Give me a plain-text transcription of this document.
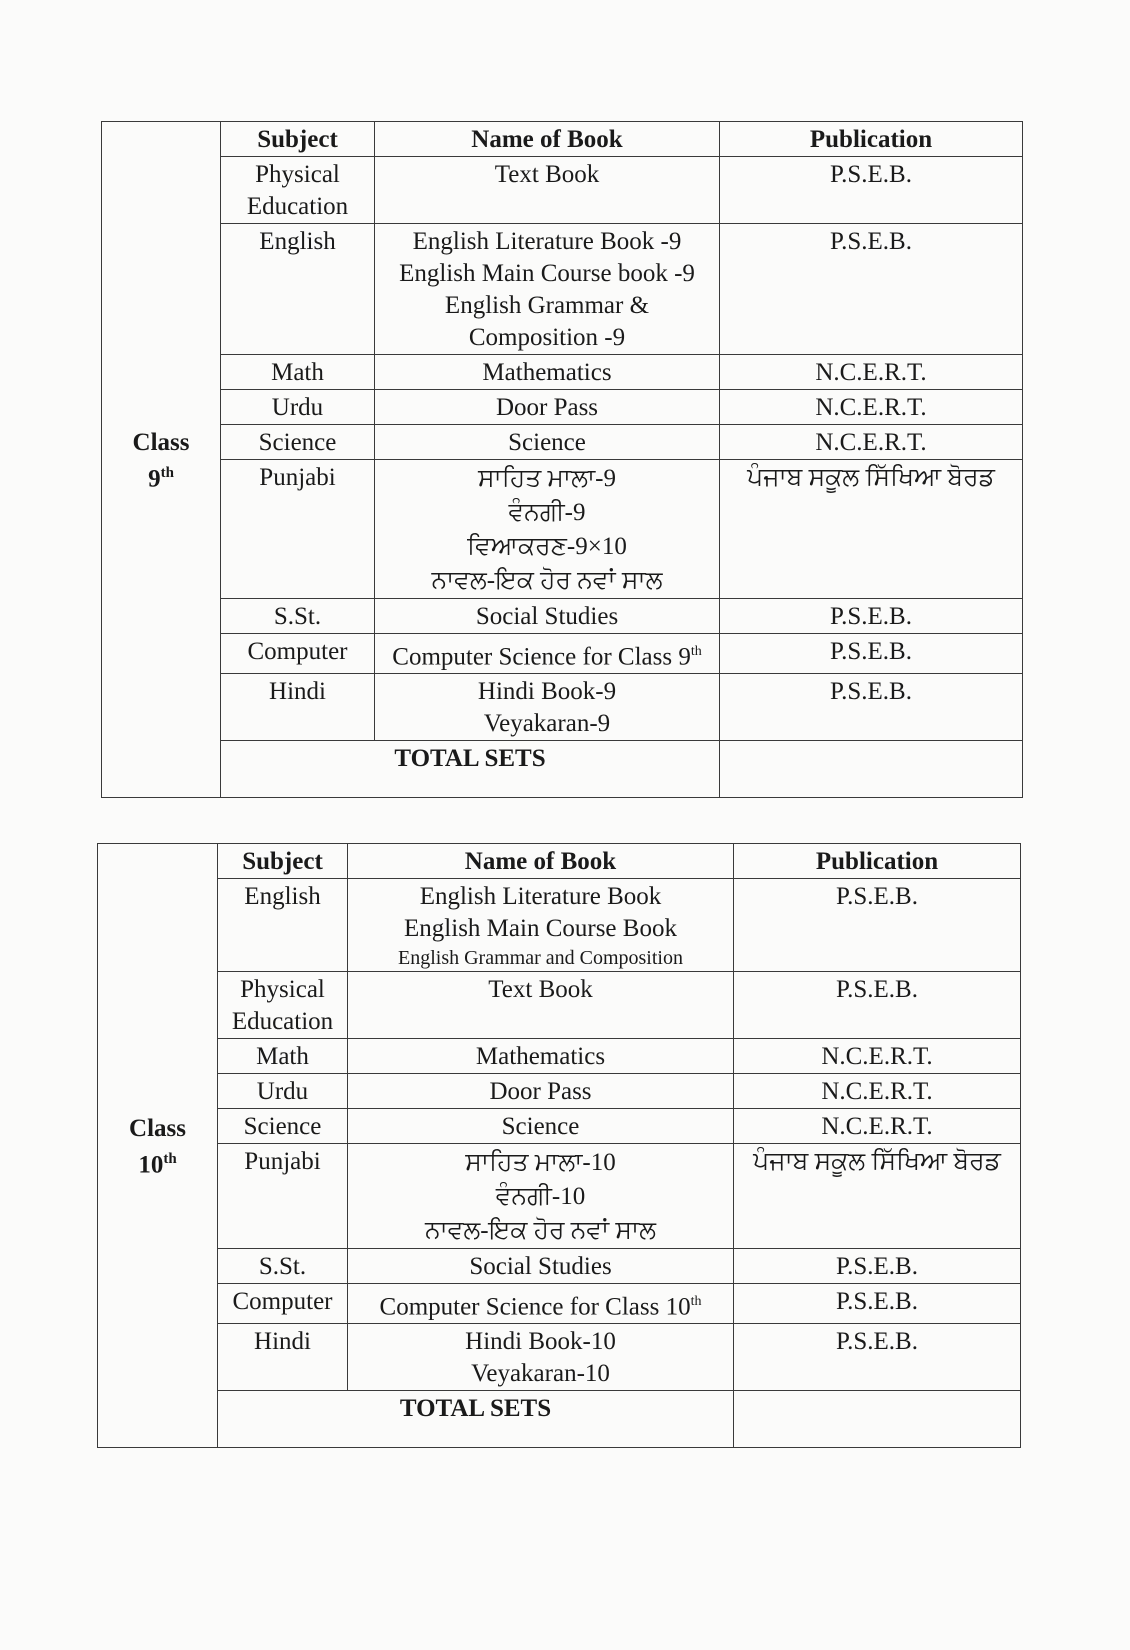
Class
9th	Subject	Name of Book	Publication
	Physical Education	Text Book	P.S.E.B.
	English	English Literature Book -9
English Main Course book -9
English Grammar &
Composition -9	P.S.E.B.
	Math	Mathematics	N.C.E.R.T.
	Urdu	Door Pass	N.C.E.R.T.
	Science	Science	N.C.E.R.T.
	Punjabi	ਸਾਹਿਤ ਮਾਲਾ-9
ਵੰਨਗੀ-9
ਵਿਆਕਰਣ-9×10
ਨਾਵਲ-ਇਕ ਹੋਰ ਨਵਾਂ ਸਾਲ	ਪੰਜਾਬ ਸਕੂਲ ਸਿੱਖਿਆ ਬੋਰਡ
	S.St.	Social Studies	P.S.E.B.
	Computer	Computer Science for Class 9th	P.S.E.B.
	Hindi	Hindi Book-9
Veyakaran-9	P.S.E.B.
	TOTAL SETS		
Class
10th	Subject	Name of Book	Publication
	English	English Literature Book
English Main Course Book
English Grammar and Composition	P.S.E.B.
	Physical Education	Text Book	P.S.E.B.
	Math	Mathematics	N.C.E.R.T.
	Urdu	Door Pass	N.C.E.R.T.
	Science	Science	N.C.E.R.T.
	Punjabi	ਸਾਹਿਤ ਮਾਲਾ-10
ਵੰਨਗੀ-10
ਨਾਵਲ-ਇਕ ਹੋਰ ਨਵਾਂ ਸਾਲ	ਪੰਜਾਬ ਸਕੂਲ ਸਿੱਖਿਆ ਬੋਰਡ
	S.St.	Social Studies	P.S.E.B.
	Computer	Computer Science for Class 10th	P.S.E.B.
	Hindi	Hindi Book-10
Veyakaran-10	P.S.E.B.
	TOTAL SETS		
